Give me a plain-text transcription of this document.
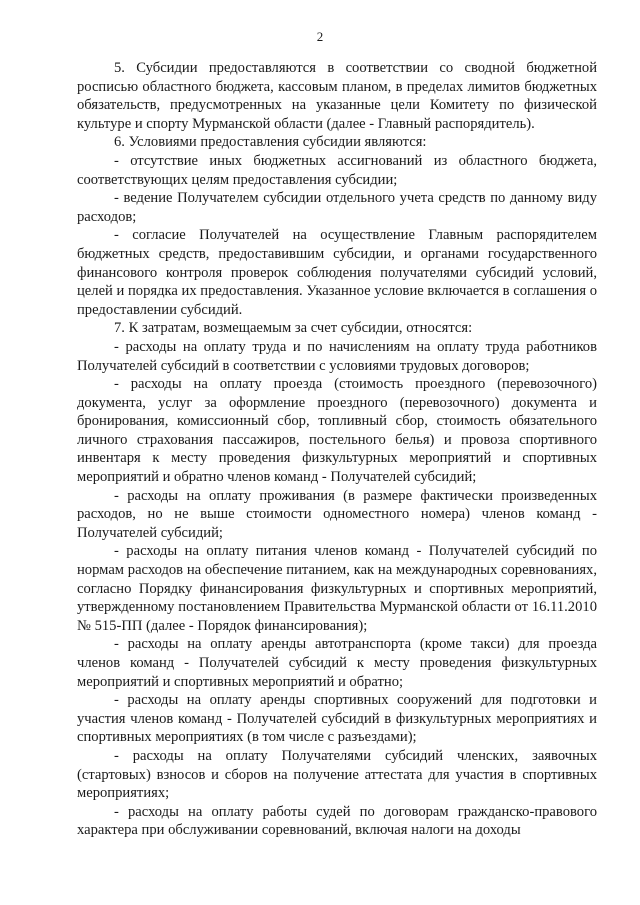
2

5. Субсидии предоставляются в соответствии со сводной бюджетной росписью областного бюджета, кассовым планом, в пределах лимитов бюджетных обязательств, предусмотренных на указанные цели Комитету по физической культуре и спорту Мурманской области (далее - Главный распорядитель).

6. Условиями предоставления субсидии являются:

- отсутствие иных бюджетных ассигнований из областного бюджета, соответствующих целям предоставления субсидии;

- ведение Получателем субсидии отдельного учета средств по данному виду расходов;

- согласие Получателей на осуществление Главным распорядителем бюджетных средств, предоставившим субсидии, и органами государственного финансового контроля проверок соблюдения получателями субсидий условий, целей и порядка их предоставления. Указанное условие включается в соглашения о предоставлении субсидий.

7. К затратам, возмещаемым за счет субсидии, относятся:

- расходы на оплату труда и по начислениям на оплату труда работников Получателей субсидий в соответствии с условиями трудовых договоров;

- расходы на оплату проезда (стоимость проездного (перевозочного) документа, услуг за оформление проездного (перевозочного) документа и бронирования, комиссионный сбор, топливный сбор, стоимость обязательного личного страхования пассажиров, постельного белья) и провоза спортивного инвентаря к месту проведения физкультурных мероприятий и спортивных мероприятий и обратно членов команд - Получателей субсидий;

- расходы на оплату проживания (в размере фактически произведенных расходов, но не выше стоимости одноместного номера) членов команд - Получателей субсидий;

- расходы на оплату питания членов команд - Получателей субсидий по нормам расходов на обеспечение питанием, как на международных соревнованиях, согласно Порядку финансирования физкультурных и спортивных мероприятий, утвержденному постановлением Правительства Мурманской области от 16.11.2010 № 515-ПП (далее - Порядок финансирования);

- расходы на оплату аренды автотранспорта (кроме такси) для проезда членов команд - Получателей субсидий к месту проведения физкультурных мероприятий и спортивных мероприятий и обратно;

- расходы на оплату аренды спортивных сооружений для подготовки и участия членов команд - Получателей субсидий в физкультурных мероприятиях и спортивных мероприятиях (в том числе с разъездами);

- расходы на оплату Получателями субсидий членских, заявочных (стартовых) взносов и сборов на получение аттестата для участия в спортивных мероприятиях;

- расходы на оплату работы судей по договорам гражданско-правового характера при обслуживании соревнований, включая налоги на доходы
